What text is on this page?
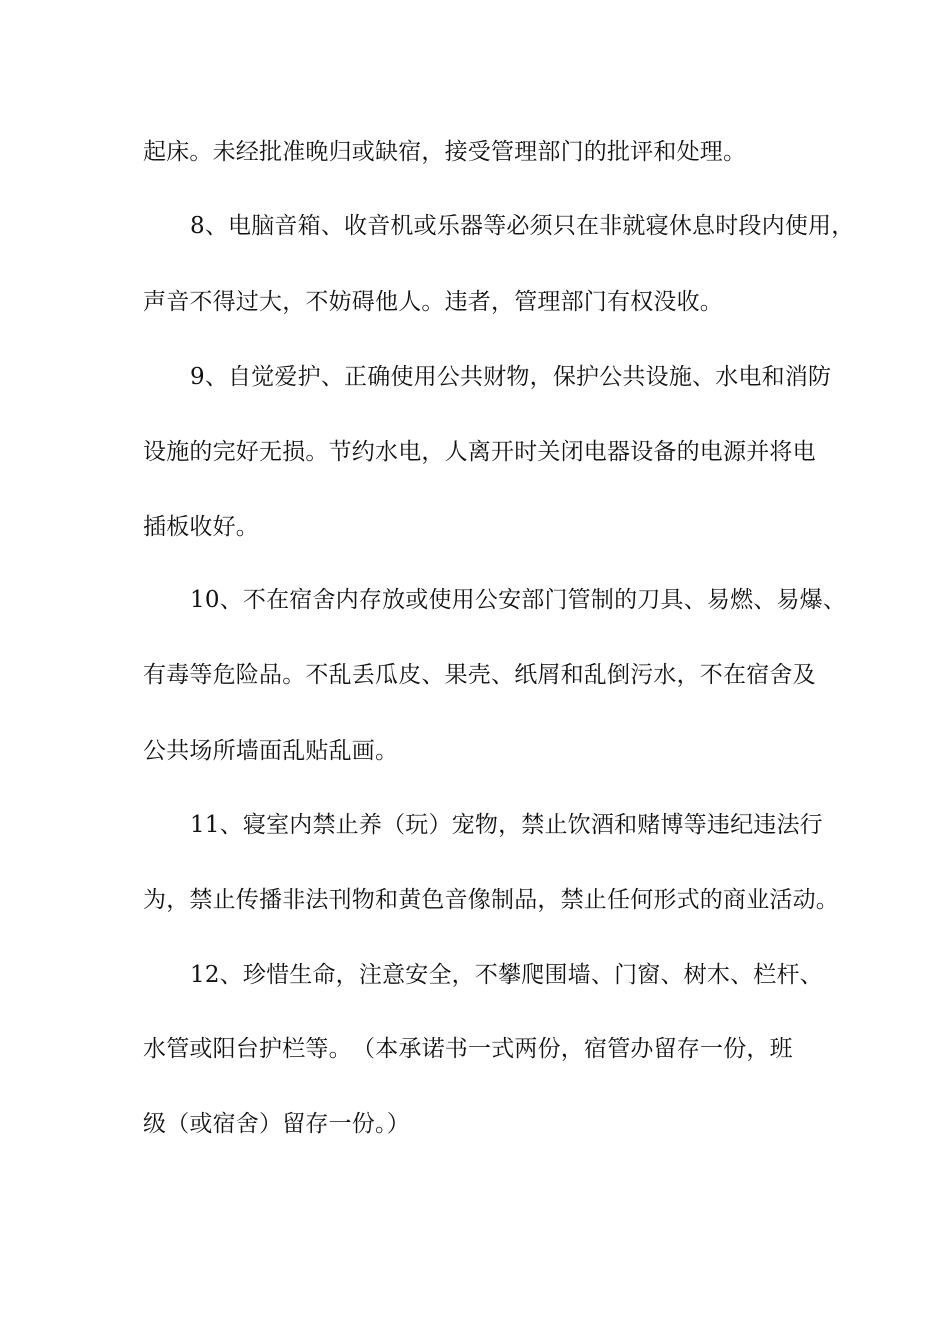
起床。未经批准晚归或缺宿，接受管理部门的批评和处理。

8、电脑音箱、收音机或乐器等必须只在非就寝休息时段内使用，

声音不得过大，不妨碍他人。违者，管理部门有权没收。

9、自觉爱护、正确使用公共财物，保护公共设施、水电和消防

设施的完好无损。节约水电，人离开时关闭电器设备的电源并将电

插板收好。

10、不在宿舍内存放或使用公安部门管制的刀具、易燃、易爆、

有毒等危险品。不乱丢瓜皮、果壳、纸屑和乱倒污水，不在宿舍及

公共场所墙面乱贴乱画。

11、寝室内禁止养（玩）宠物，禁止饮酒和赌博等违纪违法行

为，禁止传播非法刊物和黄色音像制品，禁止任何形式的商业活动。

12、珍惜生命，注意安全，不攀爬围墙、门窗、树木、栏杆、

水管或阳台护栏等。　（本承诺书一式两份，宿管办留存一份，班

级（或宿舍）留存一份。）
